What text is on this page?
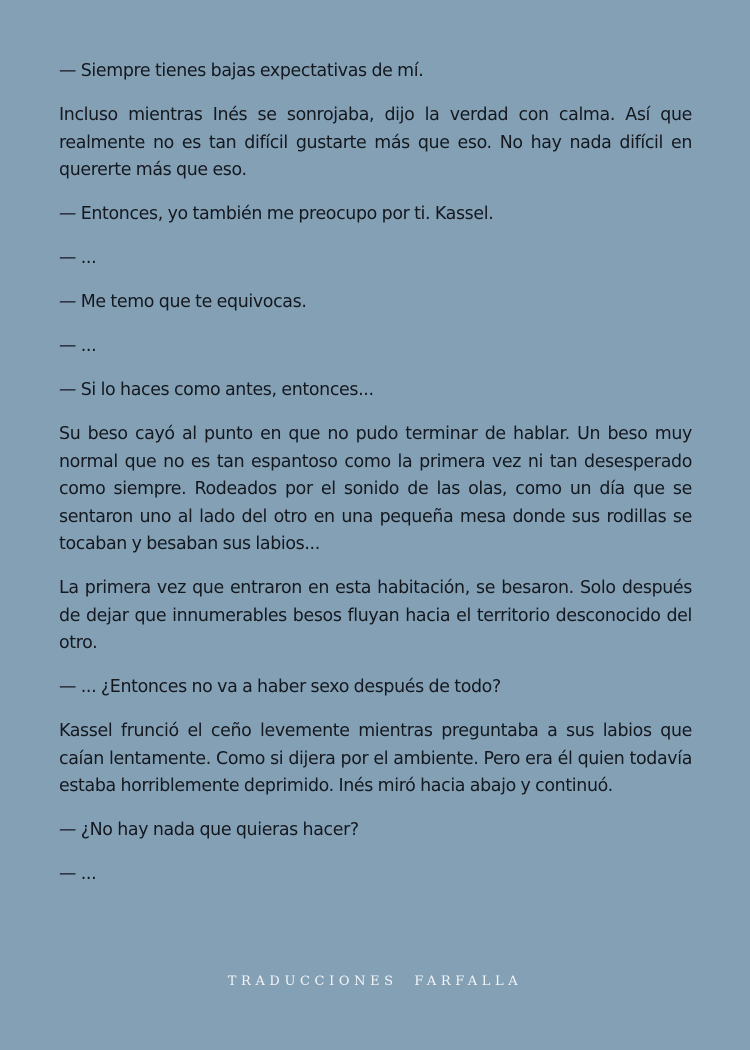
— Siempre tienes bajas expectativas de mí.

Incluso mientras Inés se sonrojaba, dijo la verdad con calma. Así que realmente no es tan difícil gustarte más que eso. No hay nada difícil en quererte más que eso.

— Entonces, yo también me preocupo por ti. Kassel.

— ...

— Me temo que te equivocas.

— ...

— Si lo haces como antes, entonces...

Su beso cayó al punto en que no pudo terminar de hablar. Un beso muy normal que no es tan espantoso como la primera vez ni tan desesperado como siempre. Rodeados por el sonido de las olas, como un día que se sentaron uno al lado del otro en una pequeña mesa donde sus rodillas se tocaban y besaban sus labios...

La primera vez que entraron en esta habitación, se besaron. Solo después de dejar que innumerables besos fluyan hacia el territorio desconocido del otro.

— ... ¿Entonces no va a haber sexo después de todo?

Kassel frunció el ceño levemente mientras preguntaba a sus labios que caían lentamente. Como si dijera por el ambiente. Pero era él quien todavía estaba horriblemente deprimido. Inés miró hacia abajo y continuó.

— ¿No hay nada que quieras hacer?

— ...

TRADUCCIONES FARFALLA
